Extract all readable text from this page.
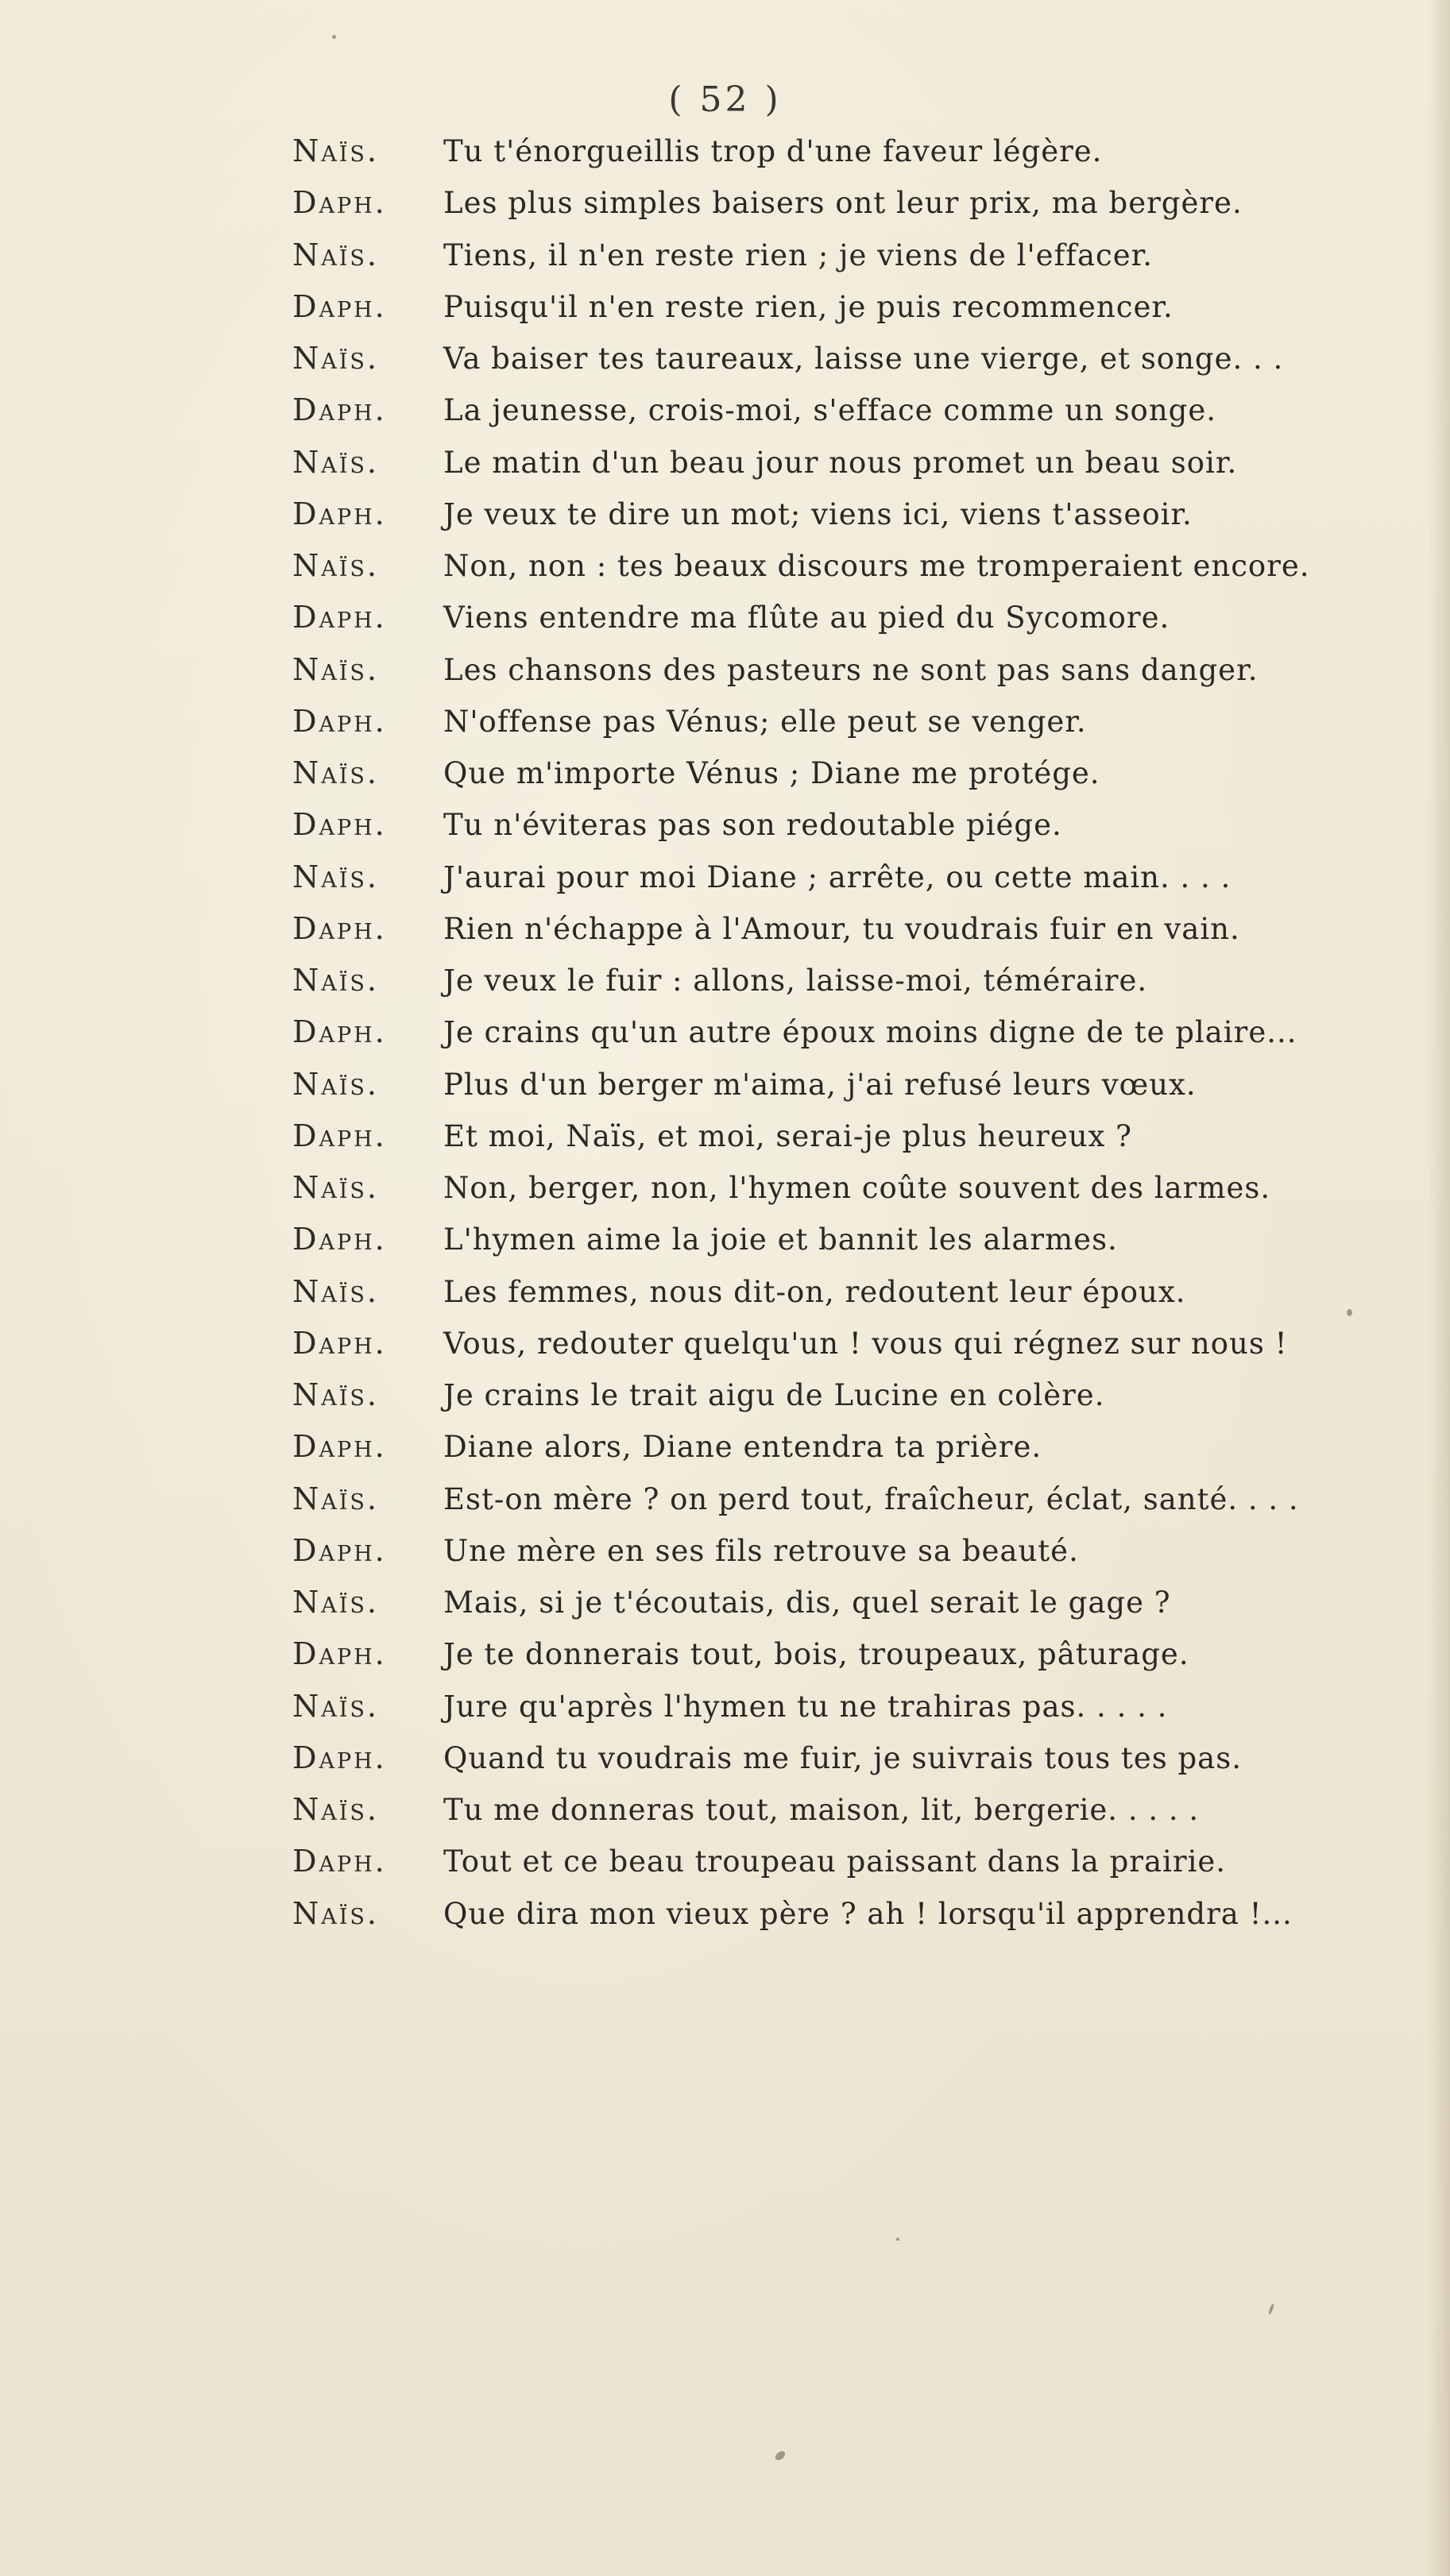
( 52 )
Naïs.	Tu t'énorgueillis trop d'une faveur légère.
Daph.	Les plus simples baisers ont leur prix, ma bergère.
Naïs.	Tiens, il n'en reste rien ; je viens de l'effacer.
Daph.	Puisqu'il n'en reste rien, je puis recommencer.
Naïs.	Va baiser tes taureaux, laisse une vierge, et songe. . .
Daph.	La jeunesse, crois-moi, s'efface comme un songe.
Naïs.	Le matin d'un beau jour nous promet un beau soir.
Daph.	Je veux te dire un mot; viens ici, viens t'asseoir.
Naïs.	Non, non : tes beaux discours me tromperaient encore.
Daph.	Viens entendre ma flûte au pied du Sycomore.
Naïs.	Les chansons des pasteurs ne sont pas sans danger.
Daph.	N'offense pas Vénus; elle peut se venger.
Naïs.	Que m'importe Vénus ; Diane me protége.
Daph.	Tu n'éviteras pas son redoutable piége.
Naïs.	J'aurai pour moi Diane ; arrête, ou cette main. . . .
Daph.	Rien n'échappe à l'Amour, tu voudrais fuir en vain.
Naïs.	Je veux le fuir : allons, laisse-moi, téméraire.
Daph.	Je crains qu'un autre époux moins digne de te plaire...
Naïs.	Plus d'un berger m'aima, j'ai refusé leurs vœux.
Daph.	Et moi, Naïs, et moi, serai-je plus heureux ?
Naïs.	Non, berger, non, l'hymen coûte souvent des larmes.
Daph.	L'hymen aime la joie et bannit les alarmes.
Naïs.	Les femmes, nous dit-on, redoutent leur époux.
Daph.	Vous, redouter quelqu'un ! vous qui régnez sur nous !
Naïs.	Je crains le trait aigu de Lucine en colère.
Daph.	Diane alors, Diane entendra ta prière.
Naïs.	Est-on mère ? on perd tout, fraîcheur, éclat, santé. . . .
Daph.	Une mère en ses fils retrouve sa beauté.
Naïs.	Mais, si je t'écoutais, dis, quel serait le gage ?
Daph.	Je te donnerais tout, bois, troupeaux, pâturage.
Naïs.	Jure qu'après l'hymen tu ne trahiras pas. . . . .
Daph.	Quand tu voudrais me fuir, je suivrais tous tes pas.
Naïs.	Tu me donneras tout, maison, lit, bergerie. . . . .
Daph.	Tout et ce beau troupeau paissant dans la prairie.
Naïs.	Que dira mon vieux père ? ah ! lorsqu'il apprendra !...
